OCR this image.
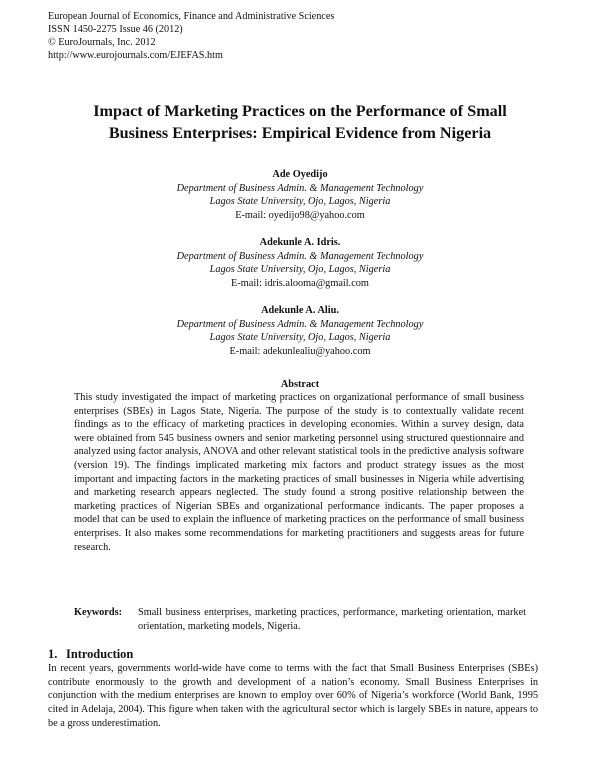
European Journal of Economics, Finance and Administrative Sciences
ISSN 1450-2275 Issue 46 (2012)
© EuroJournals, Inc. 2012
http://www.eurojournals.com/EJEFAS.htm
Impact of Marketing Practices on the Performance of Small
Business Enterprises: Empirical Evidence from Nigeria
Ade Oyedijo
Department of Business Admin. & Management Technology
Lagos State University, Ojo, Lagos, Nigeria
E-mail: oyedijo98@yahoo.com
Adekunle A. Idris.
Department of Business Admin. & Management Technology
Lagos State University, Ojo, Lagos, Nigeria
E-mail: idris.alooma@gmail.com
Adekunle A. Aliu.
Department of Business Admin. & Management Technology
Lagos State University, Ojo, Lagos, Nigeria
E-mail: adekunlealiu@yahoo.com
Abstract
This study investigated the impact of marketing practices on organizational performance of small business enterprises (SBEs) in Lagos State, Nigeria. The purpose of the study is to contextually validate recent findings as to the efficacy of marketing practices in developing economies. Within a survey design, data were obtained from 545 business owners and senior marketing personnel using structured questionnaire and analyzed using factor analysis, ANOVA and other relevant statistical tools in the predictive analysis software (version 19). The findings implicated marketing mix factors and product strategy issues as the most important and impacting factors in the marketing practices of small businesses in Nigeria while advertising and marketing research appears neglected. The study found a strong positive relationship between the marketing practices of Nigerian SBEs and organizational performance indicants. The paper proposes a model that can be used to explain the influence of marketing practices on the performance of small business enterprises. It also makes some recommendations for marketing practitioners and suggests areas for future research.
Keywords: Small business enterprises, marketing practices, performance, marketing orientation, market orientation, marketing models, Nigeria.
1. Introduction
In recent years, governments world-wide have come to terms with the fact that Small Business Enterprises (SBEs) contribute enormously to the growth and development of a nation’s economy. Small Business Enterprises in conjunction with the medium enterprises are known to employ over 60% of Nigeria’s workforce (World Bank, 1995 cited in Adelaja, 2004). This figure when taken with the agricultural sector which is largely SBEs in nature, appears to be a gross underestimation.
